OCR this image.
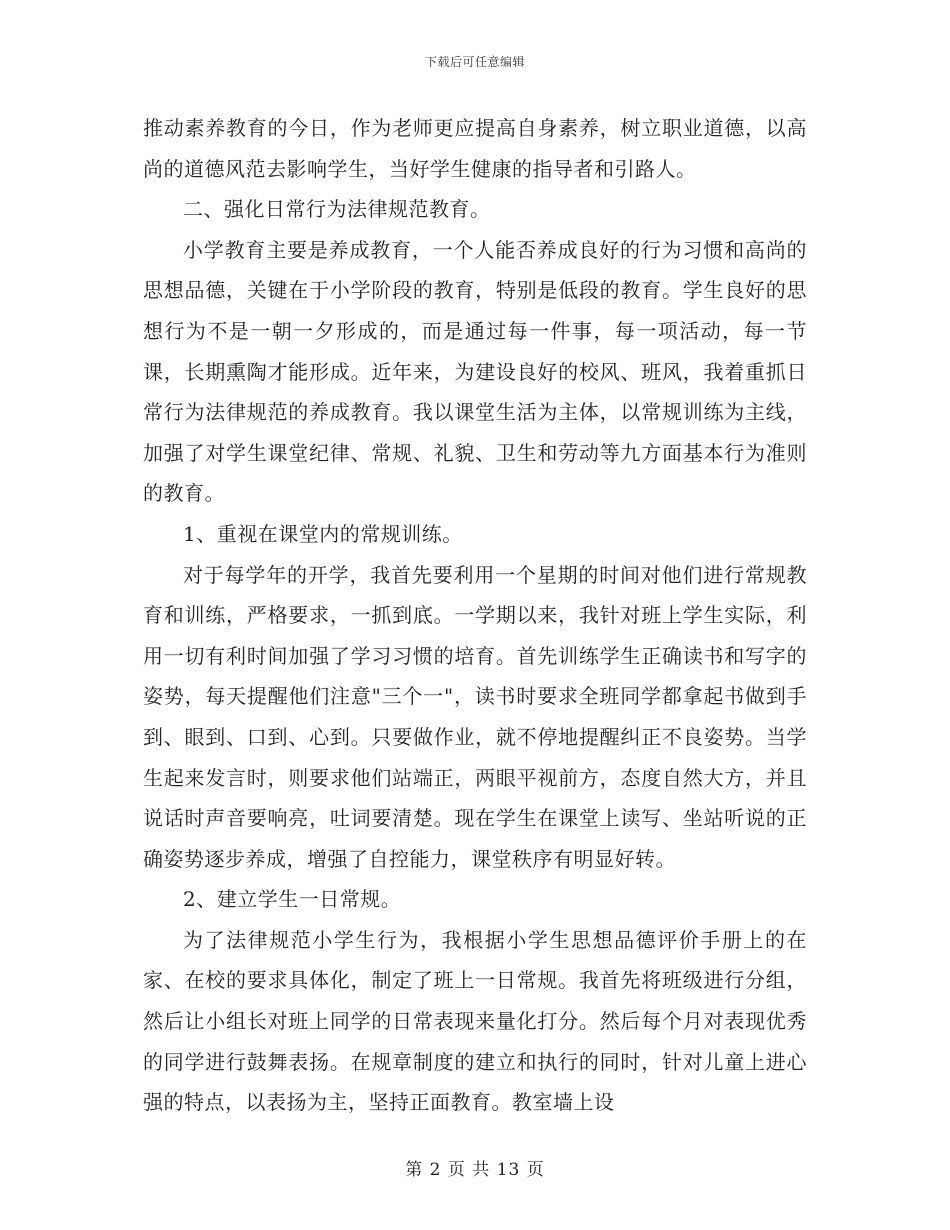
下载后可任意编辑

推动素养教育的今日，作为老师更应提高自身素养，树立职业道德，以高尚的道德风范去影响学生，当好学生健康的指导者和引路人。

二、强化日常行为法律规范教育。

小学教育主要是养成教育，一个人能否养成良好的行为习惯和高尚的思想品德，关键在于小学阶段的教育，特别是低段的教育。学生良好的思想行为不是一朝一夕形成的，而是通过每一件事，每一项活动，每一节课，长期熏陶才能形成。近年来，为建设良好的校风、班风，我着重抓日常行为法律规范的养成教育。我以课堂生活为主体，以常规训练为主线，加强了对学生课堂纪律、常规、礼貌、卫生和劳动等九方面基本行为准则的教育。

1、重视在课堂内的常规训练。

对于每学年的开学，我首先要利用一个星期的时间对他们进行常规教育和训练，严格要求，一抓到底。一学期以来，我针对班上学生实际，利用一切有利时间加强了学习习惯的培育。首先训练学生正确读书和写字的姿势，每天提醒他们注意"三个一"，读书时要求全班同学都拿起书做到手到、眼到、口到、心到。只要做作业，就不停地提醒纠正不良姿势。当学生起来发言时，则要求他们站端正，两眼平视前方，态度自然大方，并且说话时声音要响亮，吐词要清楚。现在学生在课堂上读写、坐站听说的正确姿势逐步养成，增强了自控能力，课堂秩序有明显好转。

2、建立学生一日常规。

为了法律规范小学生行为，我根据小学生思想品德评价手册上的在家、在校的要求具体化，制定了班上一日常规。我首先将班级进行分组，然后让小组长对班上同学的日常表现来量化打分。然后每个月对表现优秀的同学进行鼓舞表扬。在规章制度的建立和执行的同时，针对儿童上进心强的特点，以表扬为主，坚持正面教育。教室墙上设

第 2 页 共 13 页
